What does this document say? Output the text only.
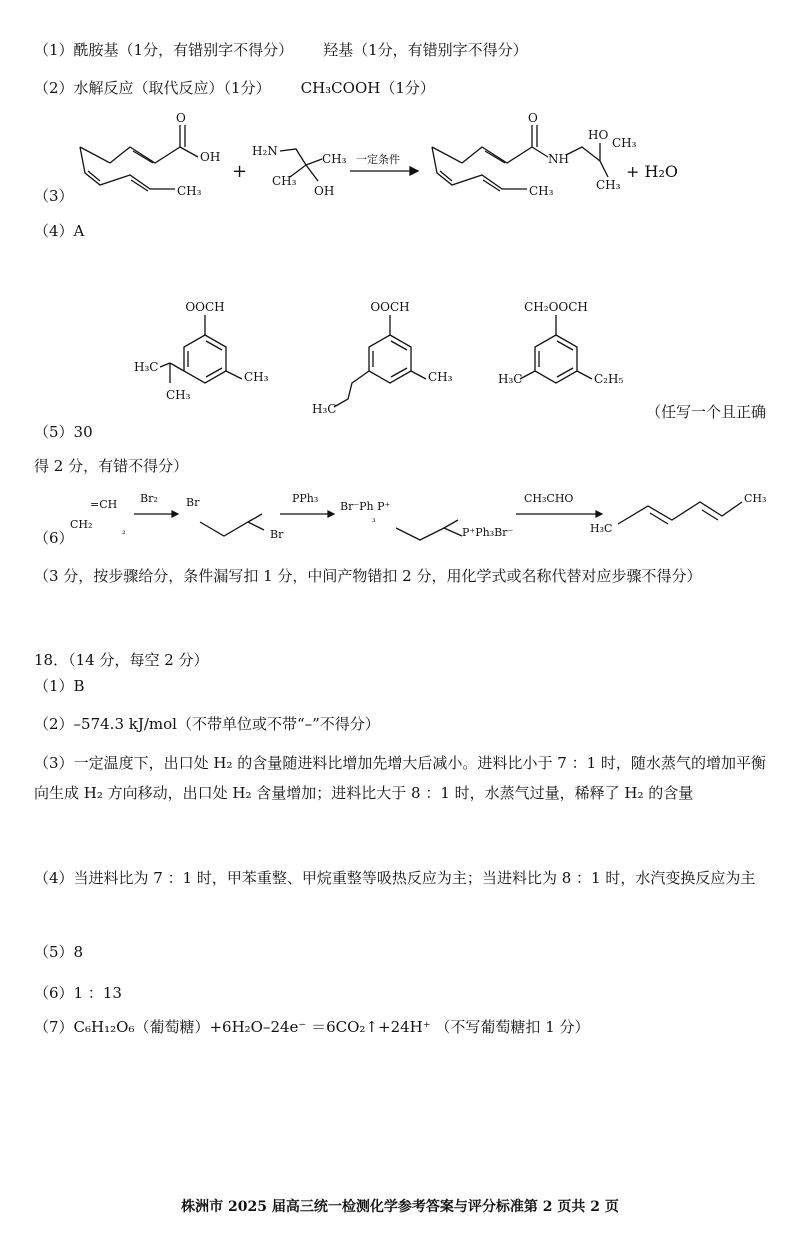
（1）酰胺基（1分，有错别字不得分） 羟基（1分，有错别字不得分）
（2）水解反应（取代反应）（1分） CH₃COOH（1分）
（3）
O
OH
CH₃
+
H₂N
CH₃
OH
CH₃
一定条件
O
NH
HO
CH₃
CH₃
CH₃
+ H₂O
（4）A
OOCH
H₃C
CH₃
CH₃
OOCH
H₃C
CH₃
CH₂OOCH
H₃C	C₂H₅
（任写一个且正确
（5）30
得 2 分，有错不得分）
（6）
=CH
CH₂
₂
Br₂	Br
Br
PPh₃
Br⁻Ph P⁺
₃
P⁺Ph₃Br⁻
CH₃CHO	CH₃
H₃C
（3 分，按步骤给分，条件漏写扣 1 分，中间产物错扣 2 分，用化学式或名称代替对应步骤不得分）
18．（14 分，每空 2 分）
（1）B
（2）–574.3 kJ/mol（不带单位或不带“–”不得分）
（3）一定温度下，出口处 H₂ 的含量随进料比增加先增大后减小。进料比小于 7 ：1 时，随水蒸气的增加平衡向生成 H₂ 方向移动，出口处 H₂ 含量增加；进料比大于 8 ：1 时，水蒸气过量，稀释了 H₂ 的含量
（4）当进料比为 7 ：1 时，甲苯重整、甲烷重整等吸热反应为主；当进料比为 8 ：1 时，水汽变换反应为主
（5）8
（6）1 ：13
（7）C₆H₁₂O₆（葡萄糖）+6H₂O–24e⁻ ＝6CO₂↑+24H⁺ （不写葡萄糖扣 1 分）
株洲市 2025 届高三统一检测化学参考答案与评分标准第 2 页共 2 页
